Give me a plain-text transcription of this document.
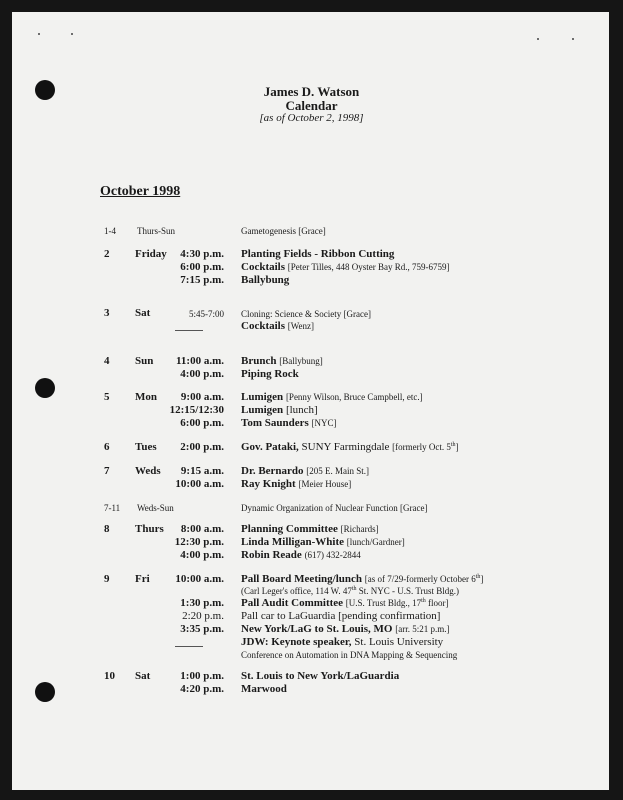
James D. Watson
Calendar
[as of October 2, 1998]
October 1998
1-4 Thurs-Sun	Gametogenesis [Grace]
2 Friday 4:30 p.m. Planting Fields - Ribbon Cutting
6:00 p.m. Cocktails [Peter Tilles, 448 Oyster Bay Rd., 759-6759]
7:15 p.m. Ballybung
3 Sat	5:45-7:00 Cloning: Science & Society [Grace]
Cocktails [Wenz]
4 Sun 11:00 a.m. Brunch [Ballybung]
4:00 p.m. Piping Rock
5 Mon 9:00 a.m. Lumigen [Penny Wilson, Bruce Campbell, etc.]
12:15/12:30 Lumigen [lunch]
6:00 p.m. Tom Saunders [NYC]
6 Tues 2:00 p.m. Gov. Pataki, SUNY Farmingdale [formerly Oct. 5th]
7 Weds 9:15 a.m. Dr. Bernardo [205 E. Main St.]
10:00 a.m. Ray Knight [Meier House]
7-11 Weds-Sun	Dynamic Organization of Nuclear Function [Grace]
8 Thurs 8:00 a.m. Planning Committee [Richards]
12:30 p.m. Linda Milligan-White [lunch/Gardner]
4:00 p.m. Robin Reade (617) 432-2844
9 Fri 10:00 a.m. Pall Board Meeting/lunch [as of 7/29-formerly October 6th]
(Carl Leger's office, 114 W. 47th St. NYC - U.S. Trust Bldg.)
1:30 p.m. Pall Audit Committee [U.S. Trust Bldg., 17th floor]
2:20 p.m. Pall car to LaGuardia [pending confirmation]
3:35 p.m. New York/LaG to St. Louis, MO [arr. 5:21 p.m.]
JDW: Keynote speaker, St. Louis University
Conference on Automation in DNA Mapping & Sequencing
10 Sat	1:00 p.m. St. Louis to New York/LaGuardia
4:20 p.m. Marwood
